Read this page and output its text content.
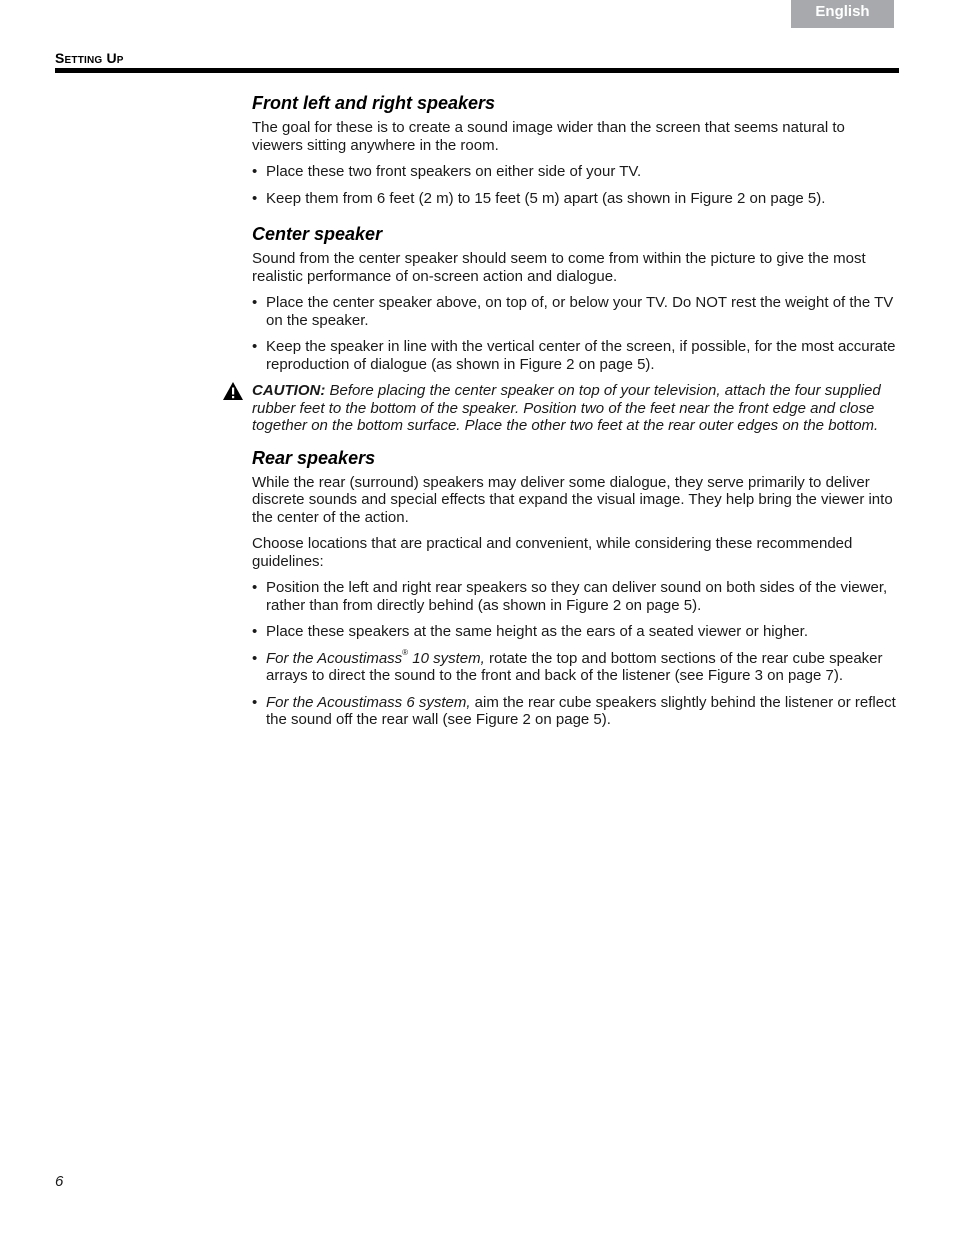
English
Setting Up
Front left and right speakers

The goal for these is to create a sound image wider than the screen that seems natural to viewers sitting anywhere in the room.

• Place these two front speakers on either side of your TV.
• Keep them from 6 feet (2 m) to 15 feet (5 m) apart (as shown in Figure 2 on page 5).
Center speaker

Sound from the center speaker should seem to come from within the picture to give the most realistic performance of on-screen action and dialogue.

• Place the center speaker above, on top of, or below your TV. Do NOT rest the weight of the TV on the speaker.
• Keep the speaker in line with the vertical center of the screen, if possible, for the most accurate reproduction of dialogue (as shown in Figure 2 on page 5).
CAUTION: Before placing the center speaker on top of your television, attach the four supplied rubber feet to the bottom of the speaker. Position two of the feet near the front edge and close together on the bottom surface. Place the other two feet at the rear outer edges on the bottom.
Rear speakers

While the rear (surround) speakers may deliver some dialogue, they serve primarily to deliver discrete sounds and special effects that expand the visual image. They help bring the viewer into the center of the action.

Choose locations that are practical and convenient, while considering these recommended guidelines:

• Position the left and right rear speakers so they can deliver sound on both sides of the viewer, rather than from directly behind (as shown in Figure 2 on page 5).
• Place these speakers at the same height as the ears of a seated viewer or higher.
• For the Acoustimass® 10 system, rotate the top and bottom sections of the rear cube speaker arrays to direct the sound to the front and back of the listener (see Figure 3 on page 7).
• For the Acoustimass 6 system, aim the rear cube speakers slightly behind the listener or reflect the sound off the rear wall (see Figure 2 on page 5).
6
